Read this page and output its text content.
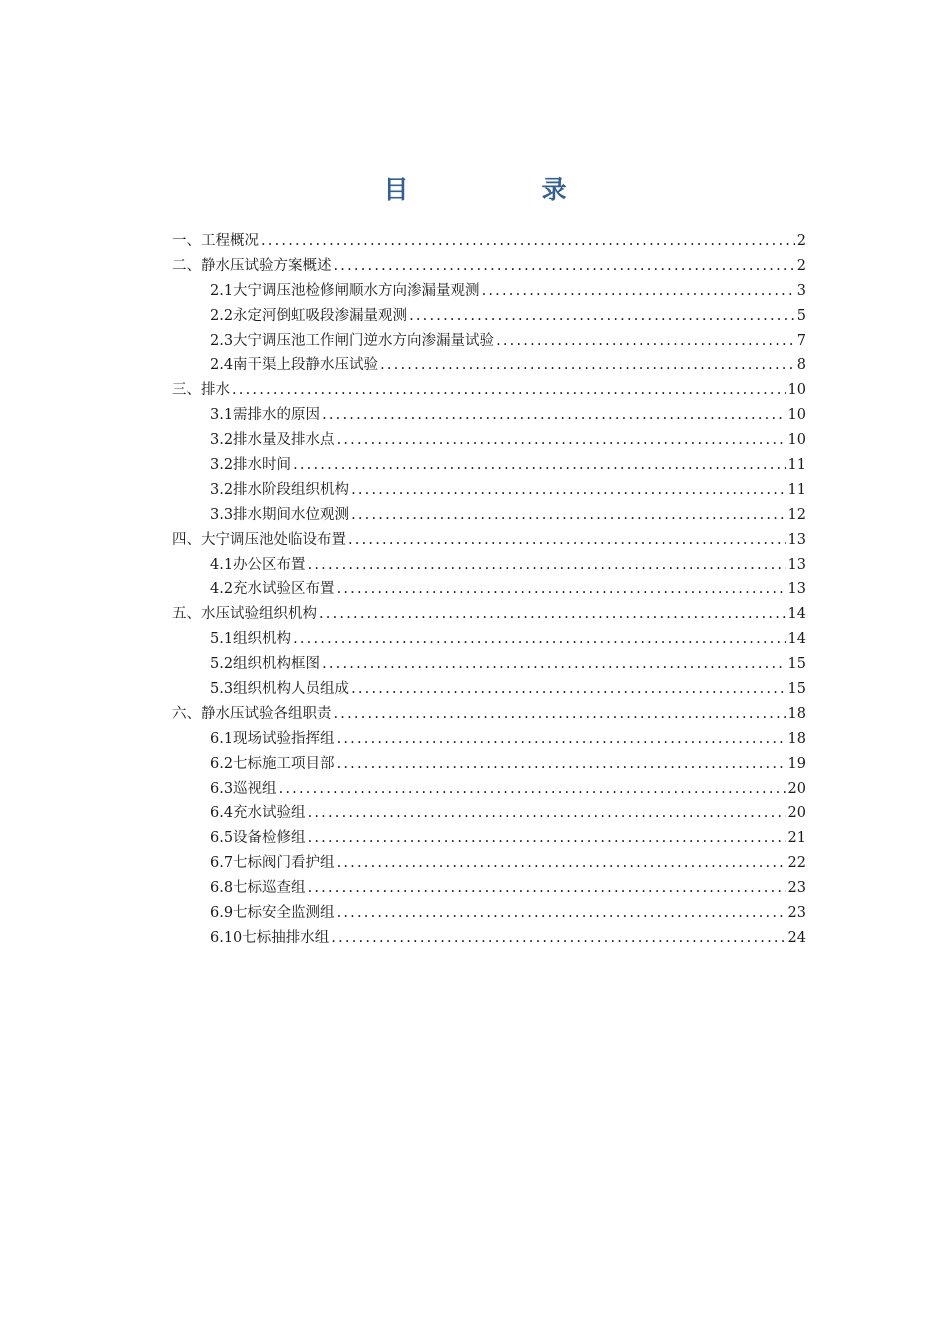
目　录
一、工程概况 .....	2
二、静水压试验方案概述 .....	2
2.1大宁调压池检修闸顺水方向渗漏量观测 .....	3
2.2永定河倒虹吸段渗漏量观测 .....	5
2.3大宁调压池工作闸门逆水方向渗漏量试验 .....	7
2.4南干渠上段静水压试验 .....	8
三、排水 .....	10
3.1需排水的原因 .....	10
3.2排水量及排水点 .....	10
3.2排水时间 .....	11
3.2排水阶段组织机构 .....	11
3.3排水期间水位观测 .....	12
四、大宁调压池处临设布置 .....	13
4.1办公区布置 .....	13
4.2充水试验区布置 .....	13
五、水压试验组织机构 .....	14
5.1组织机构 .....	14
5.2组织机构框图 .....	15
5.3组织机构人员组成 .....	15
六、静水压试验各组职责 .....	18
6.1现场试验指挥组 .....	18
6.2七标施工项目部 .....	19
6.3巡视组 .....	20
6.4充水试验组 .....	20
6.5设备检修组 .....	21
6.7七标阀门看护组 .....	22
6.8七标巡查组 .....	23
6.9七标安全监测组 .....	23
6.10七标抽排水组 .....	24
